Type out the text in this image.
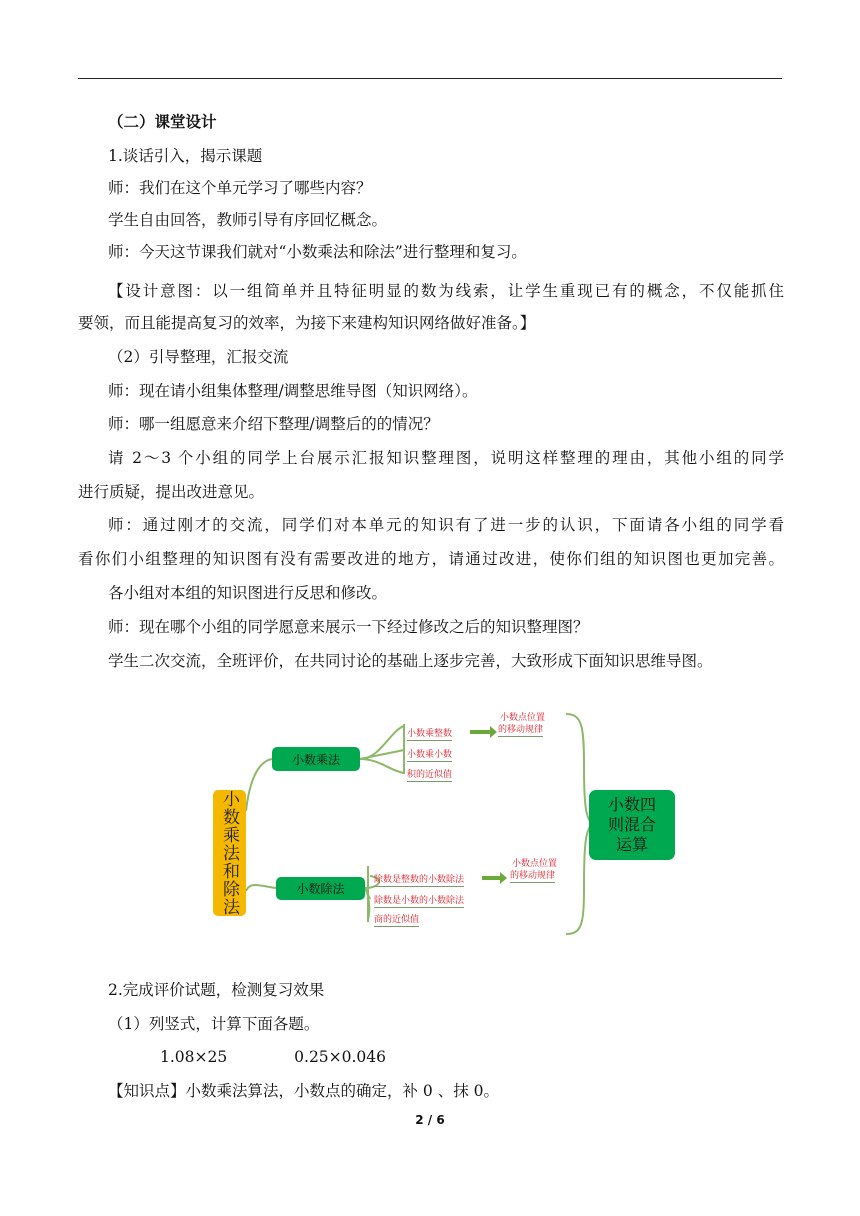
（二）课堂设计
1.谈话引入，揭示课题
师：我们在这个单元学习了哪些内容？
学生自由回答，教师引导有序回忆概念。
师：今天这节课我们就对“小数乘法和除法”进行整理和复习。
【设计意图：以一组简单并且特征明显的数为线索，让学生重现已有的概念，不仅能抓住
要领，而且能提高复习的效率，为接下来建构知识网络做好准备。】
（2）引导整理，汇报交流
师：现在请小组集体整理/调整思维导图（知识网络）。
师：哪一组愿意来介绍下整理/调整后的的情况？
请 2～3 个小组的同学上台展示汇报知识整理图，说明这样整理的理由，其他小组的同学
进行质疑，提出改进意见。
师：通过刚才的交流，同学们对本单元的知识有了进一步的认识，下面请各小组的同学看
看你们小组整理的知识图有没有需要改进的地方，请通过改进，使你们组的知识图也更加完善。
各小组对本组的知识图进行反思和修改。
师：现在哪个小组的同学愿意来展示一下经过修改之后的知识整理图？
学生二次交流，全班评价，在共同讨论的基础上逐步完善，大致形成下面知识思维导图。
小数乘法和除法
小数乘法
小数除法
小数乘整数
小数乘小数
积的近似值
小数点位置
的移动规律
除数是整数的小数除法
除数是小数的小数除法
商的近似值
小数点位置
的移动规律
小数四
则混合
运算
2.完成评价试题，检测复习效果
（1）列竖式，计算下面各题。
1.08×25　　　　 0.25×0.046
【知识点】小数乘法算法，小数点的确定，补 0 、抹 0。
2 / 6
